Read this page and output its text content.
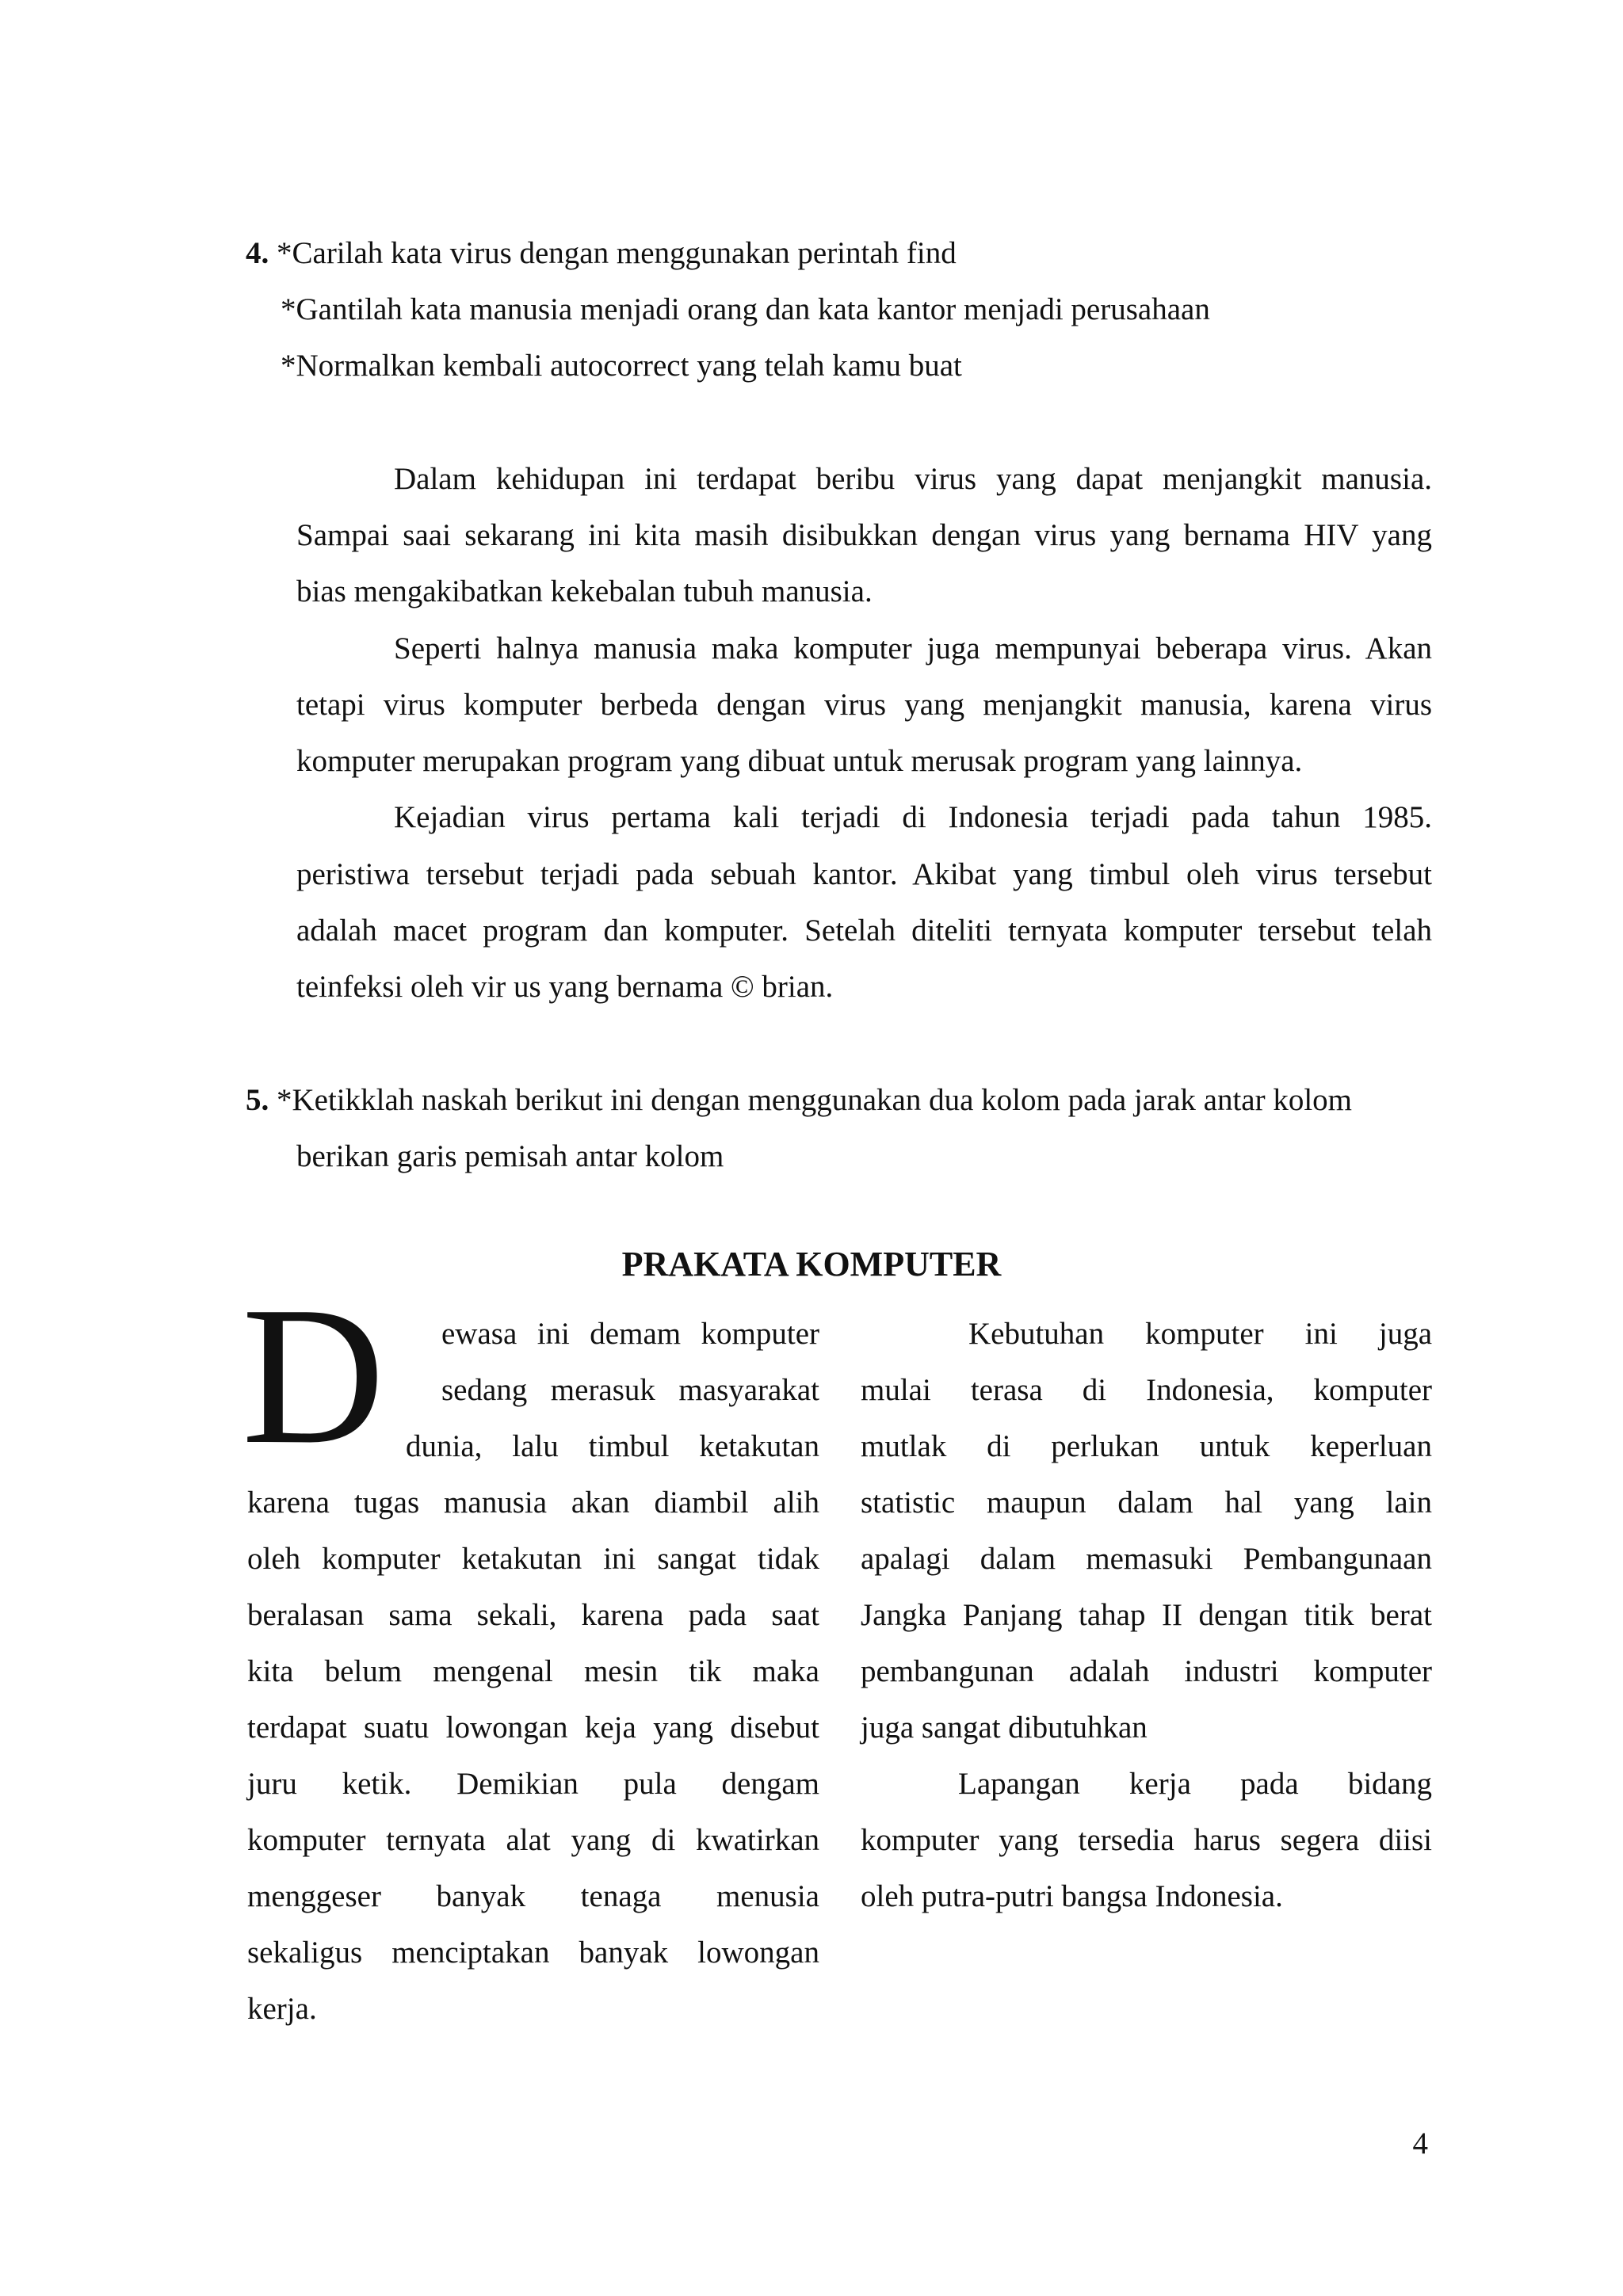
4. *Carilah kata virus dengan menggunakan perintah find
*Gantilah kata manusia menjadi orang dan kata kantor menjadi perusahaan
*Normalkan kembali autocorrect yang telah kamu buat
Dalam kehidupan ini terdapat beribu virus yang dapat menjangkit manusia.
Sampai saai sekarang ini kita masih disibukkan dengan virus yang bernama HIV yang
bias mengakibatkan kekebalan tubuh manusia.
Seperti halnya manusia maka komputer juga mempunyai beberapa virus. Akan
tetapi virus komputer berbeda dengan virus yang menjangkit manusia, karena virus
komputer merupakan program yang dibuat untuk merusak program yang lainnya.
Kejadian virus pertama kali terjadi di Indonesia terjadi pada tahun 1985.
peristiwa tersebut terjadi pada sebuah kantor. Akibat yang timbul oleh virus tersebut
adalah macet program dan komputer. Setelah diteliti ternyata komputer tersebut telah
teinfeksi oleh vir us yang bernama © brian.
5. *Ketikklah naskah berikut ini dengan menggunakan dua kolom pada jarak antar kolom
berikan garis pemisah antar kolom
PRAKATA KOMPUTER
D ewasa ini demam komputer
sedang merasuk masyarakat
dunia, lalu timbul ketakutan
karena tugas manusia akan diambil alih
oleh komputer ketakutan ini sangat tidak
beralasan sama sekali, karena pada saat
kita belum mengenal mesin tik maka
terdapat suatu lowongan keja yang disebut
juru ketik. Demikian pula dengam
komputer ternyata alat yang di kwatirkan
menggeser banyak tenaga menusia
sekaligus menciptakan banyak lowongan
kerja.
Kebutuhan komputer ini juga
mulai terasa di Indonesia, komputer
mutlak di perlukan untuk keperluan
statistic maupun dalam hal yang lain
apalagi dalam memasuki Pembangunaan
Jangka Panjang tahap II dengan titik berat
pembangunan adalah industri komputer
juga sangat dibutuhkan
Lapangan kerja pada bidang
komputer yang tersedia harus segera diisi
oleh putra-putri bangsa Indonesia.
4
